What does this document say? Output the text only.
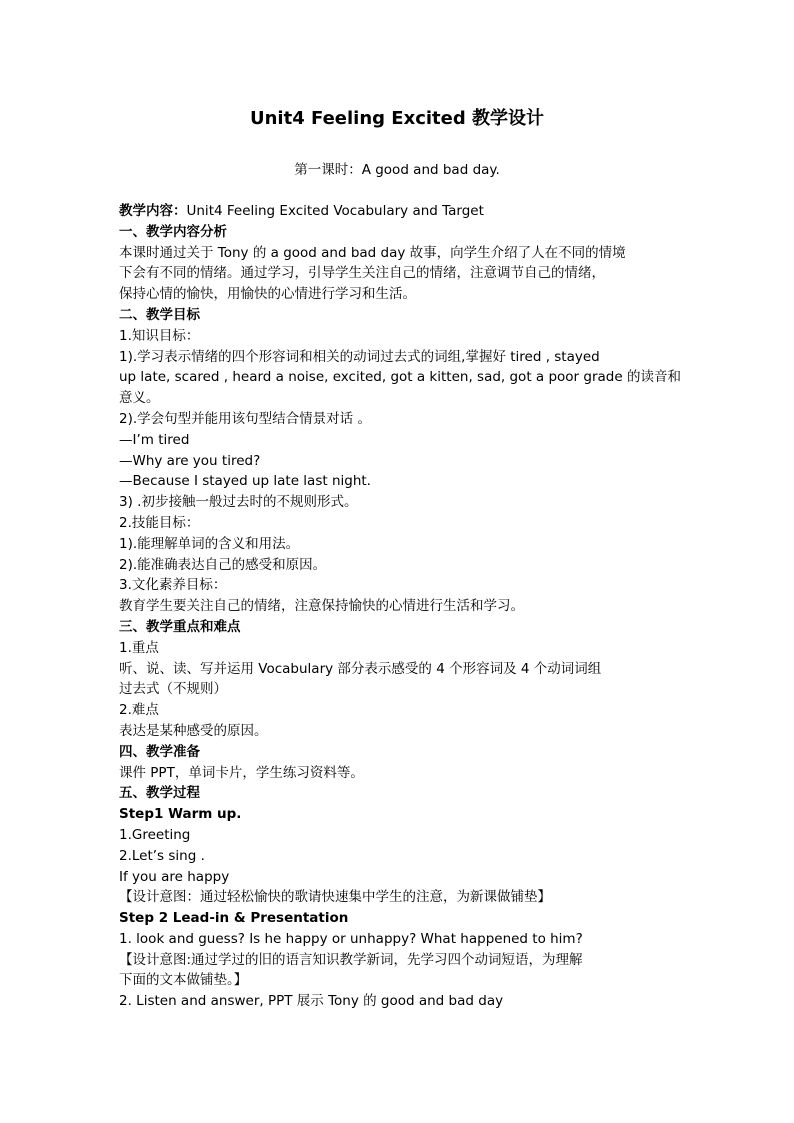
Unit4 Feeling Excited 教学设计
第一课时：A good and bad day.

教学内容：Unit4 Feeling Excited Vocabulary and Target

一、教学内容分析

本课时通过关于 Tony 的 a good and bad day 故事，向学生介绍了人在不同的情境

下会有不同的情绪。通过学习，引导学生关注自己的情绪，注意调节自己的情绪，

保持心情的愉快，用愉快的心情进行学习和生活。

二、教学目标

1.知识目标：

1).学习表示情绪的四个形容词和相关的动词过去式的词组,掌握好 tired , stayed

up late, scared , heard a noise, excited, got a kitten, sad, got a poor grade 的读音和

意义。

2).学会句型并能用该句型结合情景对话 。

—I’m tired

—Why are you tired?

—Because I stayed up late last night.

3) .初步接触一般过去时的不规则形式。

2.技能目标：

1).能理解单词的含义和用法。

2).能准确表达自己的感受和原因。

3.文化素养目标：

教育学生要关注自己的情绪，注意保持愉快的心情进行生活和学习。

三、教学重点和难点

1.重点

听、说、读、写并运用 Vocabulary 部分表示感受的 4 个形容词及 4 个动词词组

过去式（不规则）

2.难点

表达是某种感受的原因。

四、教学准备

课件 PPT，单词卡片，学生练习资料等。

五、教学过程

Step1 Warm up.

1.Greeting

2.Let’s sing .

If you are happy

【设计意图：通过轻松愉快的歌请快速集中学生的注意，为新课做铺垫】

Step 2 Lead-in & Presentation

1. look and guess? Is he happy or unhappy? What happened to him?

【设计意图:通过学过的旧的语言知识教学新词，先学习四个动词短语，为理解

下面的文本做铺垫。】

2. Listen and answer, PPT 展示 Tony 的 good and bad day
